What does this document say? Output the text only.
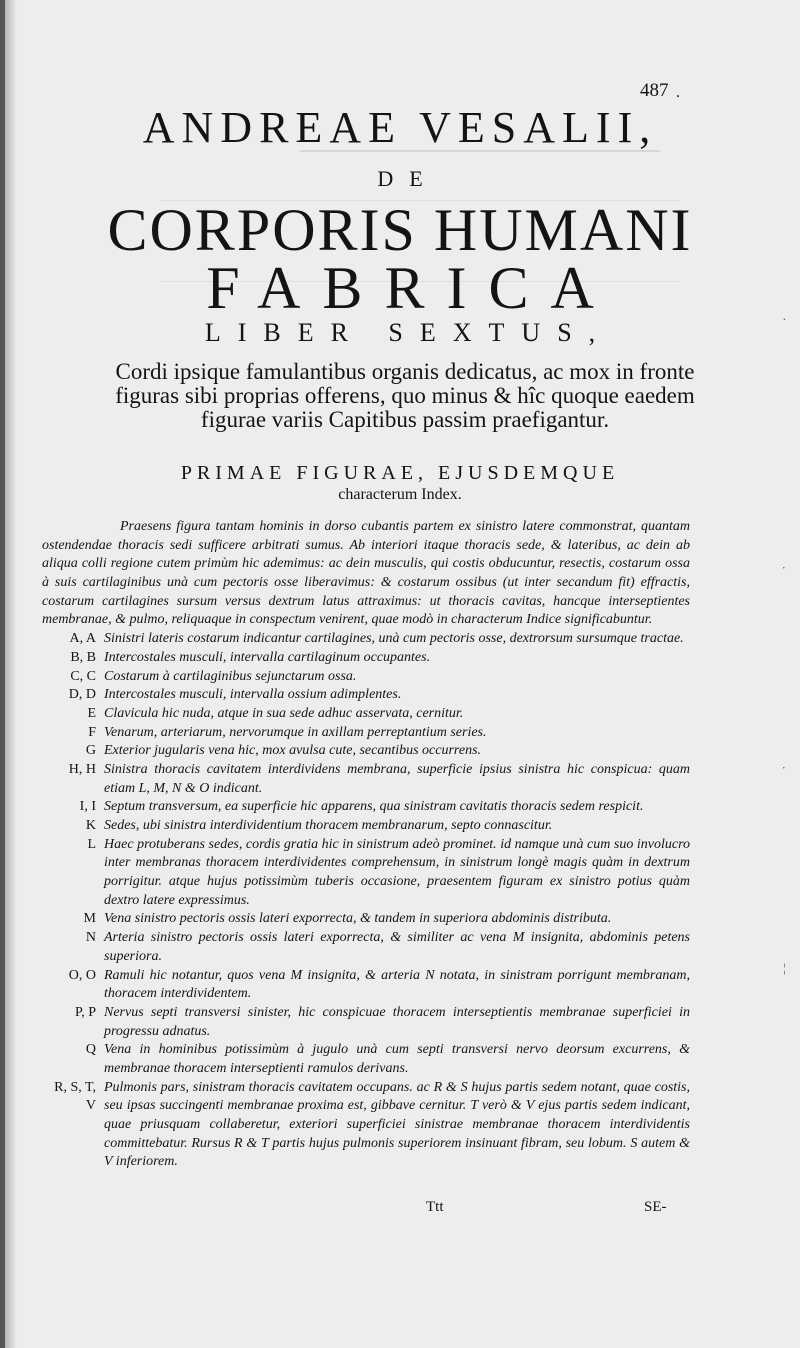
.
·
·
¦
487 .
ANDREAE VESALII,
DE
CORPORIS HUMANI
FABRICA
LIBER SEXTUS,
Cordi ipsique famulantibus organis dedicatus, ac mox in fronte figuras sibi proprias offerens, quo minus & hîc quoque eaedem figurae variis Capitibus passim praefigantur.
PRIMAE FIGURAE, EJUSDEMQUE
characterum Index.

Praesens figura tantam hominis in dorso cubantis partem ex sinistro latere commonstrat, quantam ostendendae thoracis sedi sufficere arbitrati sumus. Ab interiori itaque thoracis sede, & lateribus, ac dein ab aliqua colli regione cutem primùm hic ademimus: ac dein musculis, qui costis obducuntur, resectis, costarum ossa à suis cartilaginibus unà cum pectoris osse liberavimus: & costarum ossibus (ut inter secandum fit) effractis, costarum cartilagines sursum versus dextrum latus attraximus: ut thoracis cavitas, hancque interseptientes membranae, & pulmo, reliquaque in conspectum venirent, quae modò in characterum Indice significabuntur.

A, A Sinistri lateris costarum indicantur cartilagines, unà cum pectoris osse, dextrorsum sursumque tractae.
B, B Intercostales musculi, intervalla cartilaginum occupantes.
C, C Costarum à cartilaginibus sejunctarum ossa.
D, D Intercostales musculi, intervalla ossium adimplentes.
E Clavicula hic nuda, atque in sua sede adhuc asservata, cernitur.
F Venarum, arteriarum, nervorumque in axillam perreptantium series.
G Exterior jugularis vena hic, mox avulsa cute, secantibus occurrens.
H, H Sinistra thoracis cavitatem interdividens membrana, superficie ipsius sinistra hic conspicua: quam etiam L, M, N & O indicant.
I, I Septum transversum, ea superficie hic apparens, qua sinistram cavitatis thoracis sedem respicit.
K Sedes, ubi sinistra interdividentium thoracem membranarum, septo connascitur.
L Haec protuberans sedes, cordis gratia hic in sinistrum adeò prominet. id namque unà cum suo involucro inter membranas thoracem interdividentes comprehensum, in sinistrum longè magis quàm in dextrum porrigitur. atque hujus potissimùm tuberis occasione, praesentem figuram ex sinistro potius quàm dextro latere expressimus.
M Vena sinistro pectoris ossis lateri exporrecta, & tandem in superiora abdominis distributa.
N Arteria sinistro pectoris ossis lateri exporrecta, & similiter ac vena M insignita, abdominis petens superiora.
O, O Ramuli hic notantur, quos vena M insignita, & arteria N notata, in sinistram porrigunt membranam, thoracem interdividentem.
P, P Nervus septi transversi sinister, hic conspicuae thoracem interseptientis membranae superficiei in progressu adnatus.
Q Vena in hominibus potissimùm à jugulo unà cum septi transversi nervo deorsum excurrens, & membranae thoracem interseptienti ramulos derivans.
R, S, T, V
Pulmonis pars, sinistram thoracis cavitatem occupans. ac R & S hujus partis sedem notant, quae costis, seu ipsas succingenti membranae proxima est, gibbave cernitur. T verò & V ejus partis sedem indicant, quae priusquam collaberetur, exteriori superficiei sinistrae membranae thoracem interdividentis committebatur. Rursus R & T partis hujus pulmonis superiorem insinuant fibram, seu lobum. S autem & V inferiorem.
Ttt	SE-
